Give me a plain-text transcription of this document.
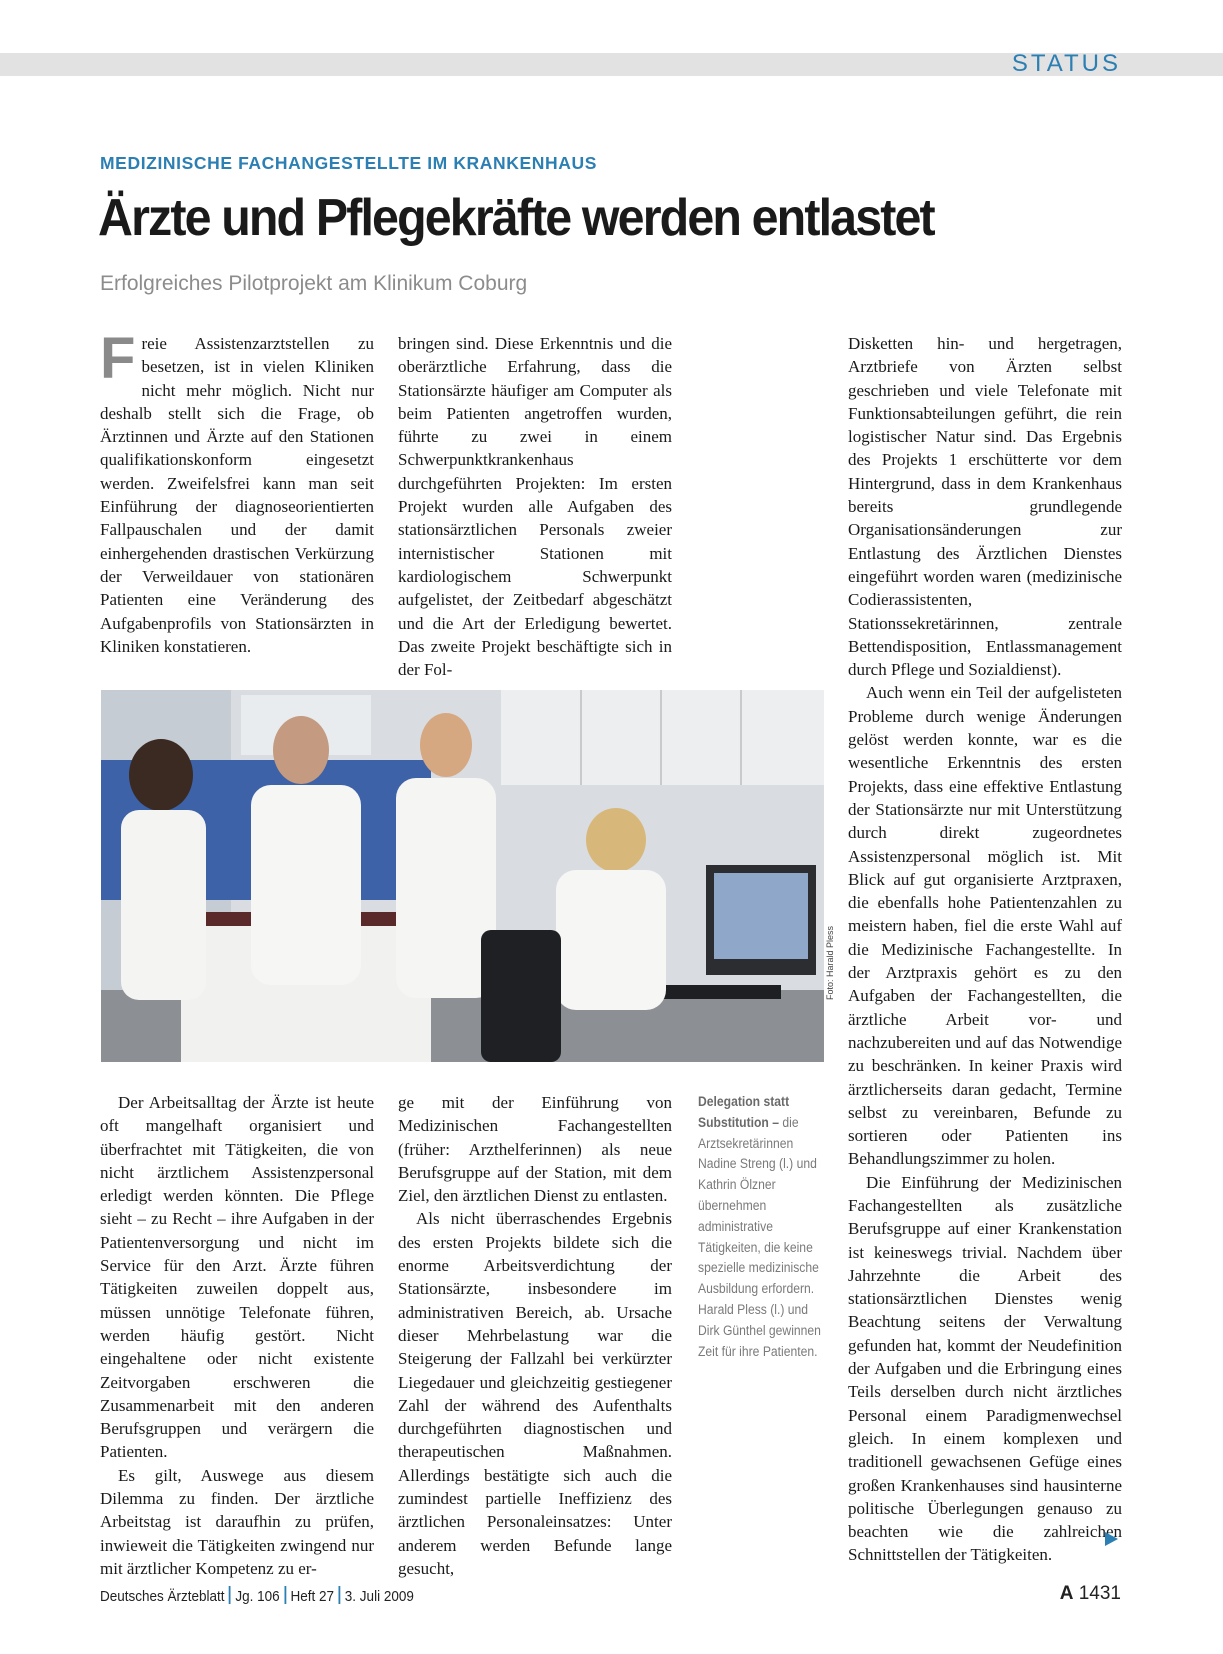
STATUS
MEDIZINISCHE FACHANGESTELLTE IM KRANKENHAUS
Ärzte und Pflegekräfte werden entlastet
Erfolgreiches Pilotprojekt am Klinikum Coburg

Freie Assistenzarztstellen zu besetzen, ist in vielen Kliniken nicht mehr möglich. Nicht nur deshalb stellt sich die Frage, ob Ärztinnen und Ärzte auf den Stationen qualifikationskonform eingesetzt werden. Zweifelsfrei kann man seit Einführung der diagnoseorientierten Fallpauschalen und der damit einhergehenden drastischen Verkürzung der Verweildauer von stationären Patienten eine Veränderung des Aufgabenprofils von Stationsärzten in Kliniken konstatieren.

bringen sind. Diese Erkenntnis und die oberärztliche Erfahrung, dass die Stationsärzte häufiger am Computer als beim Patienten angetroffen wurden, führte zu zwei in einem Schwerpunktkrankenhaus durchgeführten Projekten: Im ersten Projekt wurden alle Aufgaben des stationsärztlichen Personals zweier internistischer Stationen mit kardiologischem Schwerpunkt aufgelistet, der Zeitbedarf abgeschätzt und die Art der Erledigung bewertet. Das zweite Projekt beschäftigte sich in der Fol-

Foto: Harald Pless

Der Arbeitsalltag der Ärzte ist heute oft mangelhaft organisiert und überfrachtet mit Tätigkeiten, die von nicht ärztlichem Assistenzpersonal erledigt werden könnten. Die Pflege sieht – zu Recht – ihre Aufgaben in der Patientenversorgung und nicht im Service für den Arzt. Ärzte führen Tätigkeiten zuweilen doppelt aus, müssen unnötige Telefonate führen, werden häufig gestört. Nicht eingehaltene oder nicht existente Zeitvorgaben erschweren die Zusammenarbeit mit den anderen Berufsgruppen und verärgern die Patienten.

Es gilt, Auswege aus diesem Dilemma zu finden. Der ärztliche Arbeitstag ist daraufhin zu prüfen, inwieweit die Tätigkeiten zwingend nur mit ärztlicher Kompetenz zu er-

ge mit der Einführung von Medizinischen Fachangestellten (früher: Arzthelferinnen) als neue Berufsgruppe auf der Station, mit dem Ziel, den ärztlichen Dienst zu entlasten.

Als nicht überraschendes Ergebnis des ersten Projekts bildete sich die enorme Arbeitsverdichtung der Stationsärzte, insbesondere im administrativen Bereich, ab. Ursache dieser Mehrbelastung war die Steigerung der Fallzahl bei verkürzter Liegedauer und gleichzeitig gestiegener Zahl der während des Aufenthalts durchgeführten diagnostischen und therapeutischen Maßnahmen. Allerdings bestätigte sich auch die zumindest partielle Ineffizienz des ärztlichen Personaleinsatzes: Unter anderem werden Befunde lange gesucht,

Delegation statt Substitution – die Arztsekretärinnen Nadine Streng (l.) und Kathrin Ölzner übernehmen administrative Tätigkeiten, die keine spezielle medizinische Ausbildung erfordern. Harald Pless (l.) und Dirk Günthel gewinnen Zeit für ihre Patienten.

Disketten hin- und hergetragen, Arztbriefe von Ärzten selbst geschrieben und viele Telefonate mit Funktionsabteilungen geführt, die rein logistischer Natur sind. Das Ergebnis des Projekts 1 erschütterte vor dem Hintergrund, dass in dem Krankenhaus bereits grundlegende Organisationsänderungen zur Entlastung des Ärztlichen Dienstes eingeführt worden waren (medizinische Codierassistenten, Stationssekretärinnen, zentrale Bettendisposition, Entlassmanagement durch Pflege und Sozialdienst).

Auch wenn ein Teil der aufgelisteten Probleme durch wenige Änderungen gelöst werden konnte, war es die wesentliche Erkenntnis des ersten Projekts, dass eine effektive Entlastung der Stationsärzte nur mit Unterstützung durch direkt zugeordnetes Assistenzpersonal möglich ist. Mit Blick auf gut organisierte Arztpraxen, die ebenfalls hohe Patientenzahlen zu meistern haben, fiel die erste Wahl auf die Medizinische Fachangestellte. In der Arztpraxis gehört es zu den Aufgaben der Fachangestellten, die ärztliche Arbeit vor- und nachzubereiten und auf das Notwendige zu beschränken. In keiner Praxis wird ärztlicherseits daran gedacht, Termine selbst zu vereinbaren, Befunde zu sortieren oder Patienten ins Behandlungszimmer zu holen.

Die Einführung der Medizinischen Fachangestellten als zusätzliche Berufsgruppe auf einer Krankenstation ist keineswegs trivial. Nachdem über Jahrzehnte die Arbeit des stationsärztlichen Dienstes wenig Beachtung seitens der Verwaltung gefunden hat, kommt der Neudefinition der Aufgaben und die Erbringung eines Teils derselben durch nicht ärztliches Personal einem Paradigmenwechsel gleich. In einem komplexen und traditionell gewachsenen Gefüge eines großen Krankenhauses sind hausinterne politische Überlegungen genauso zu beachten wie die zahlreichen Schnittstellen der Tätigkeiten.

Deutsches Ärzteblatt Jg. 106 Heft 27 3. Juli 2009	A 1431
